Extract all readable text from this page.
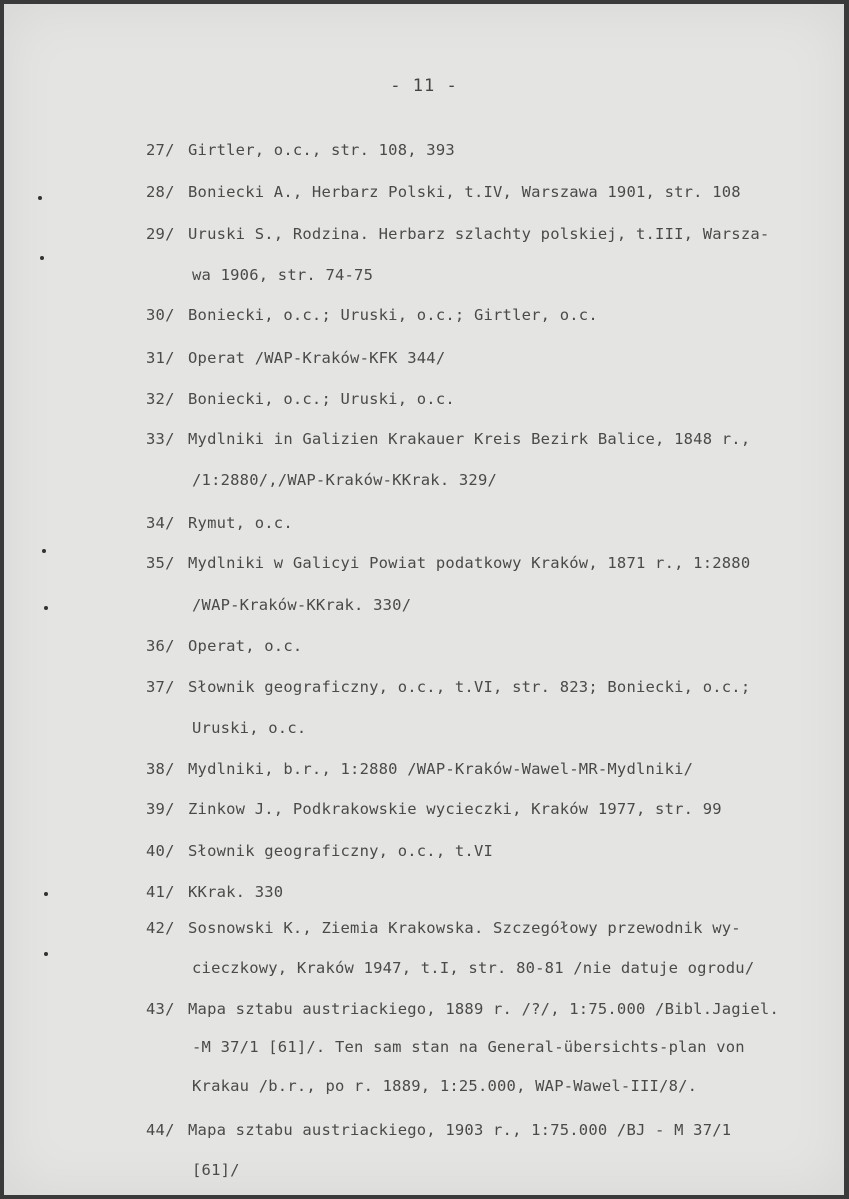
- 11 -
27/ Girtler, o.c., str. 108, 393
28/ Boniecki A., Herbarz Polski, t.IV, Warszawa 1901, str. 108
29/ Uruski S., Rodzina. Herbarz szlachty polskiej, t.III, Warsza-
wa 1906, str. 74-75
30/ Boniecki, o.c.; Uruski, o.c.; Girtler, o.c.
31/ Operat /WAP-Kraków-KFK 344/
32/ Boniecki, o.c.; Uruski, o.c.
33/ Mydlniki in Galizien Krakauer Kreis Bezirk Balice, 1848 r.,
/1:2880/,/WAP-Kraków-KKrak. 329/
34/ Rymut, o.c.
35/ Mydlniki w Galicyi Powiat podatkowy Kraków, 1871 r., 1:2880
/WAP-Kraków-KKrak. 330/
36/ Operat, o.c.
37/ Słownik geograficzny, o.c., t.VI, str. 823; Boniecki, o.c.;
Uruski, o.c.
38/ Mydlniki, b.r., 1:2880 /WAP-Kraków-Wawel-MR-Mydlniki/
39/ Zinkow J., Podkrakowskie wycieczki, Kraków 1977, str. 99
40/ Słownik geograficzny, o.c., t.VI
41/ KKrak. 330
42/ Sosnowski K., Ziemia Krakowska. Szczegółowy przewodnik wy-
cieczkowy, Kraków 1947, t.I, str. 80-81 /nie datuje ogrodu/
43/ Mapa sztabu austriackiego, 1889 r. /?/, 1:75.000 /Bibl.Jagiel.
-M 37/1 [61]/. Ten sam stan na General-übersichts-plan von
Krakau /b.r., po r. 1889, 1:25.000, WAP-Wawel-III/8/.
44/ Mapa sztabu austriackiego, 1903 r., 1:75.000 /BJ - M 37/1
[61]/
